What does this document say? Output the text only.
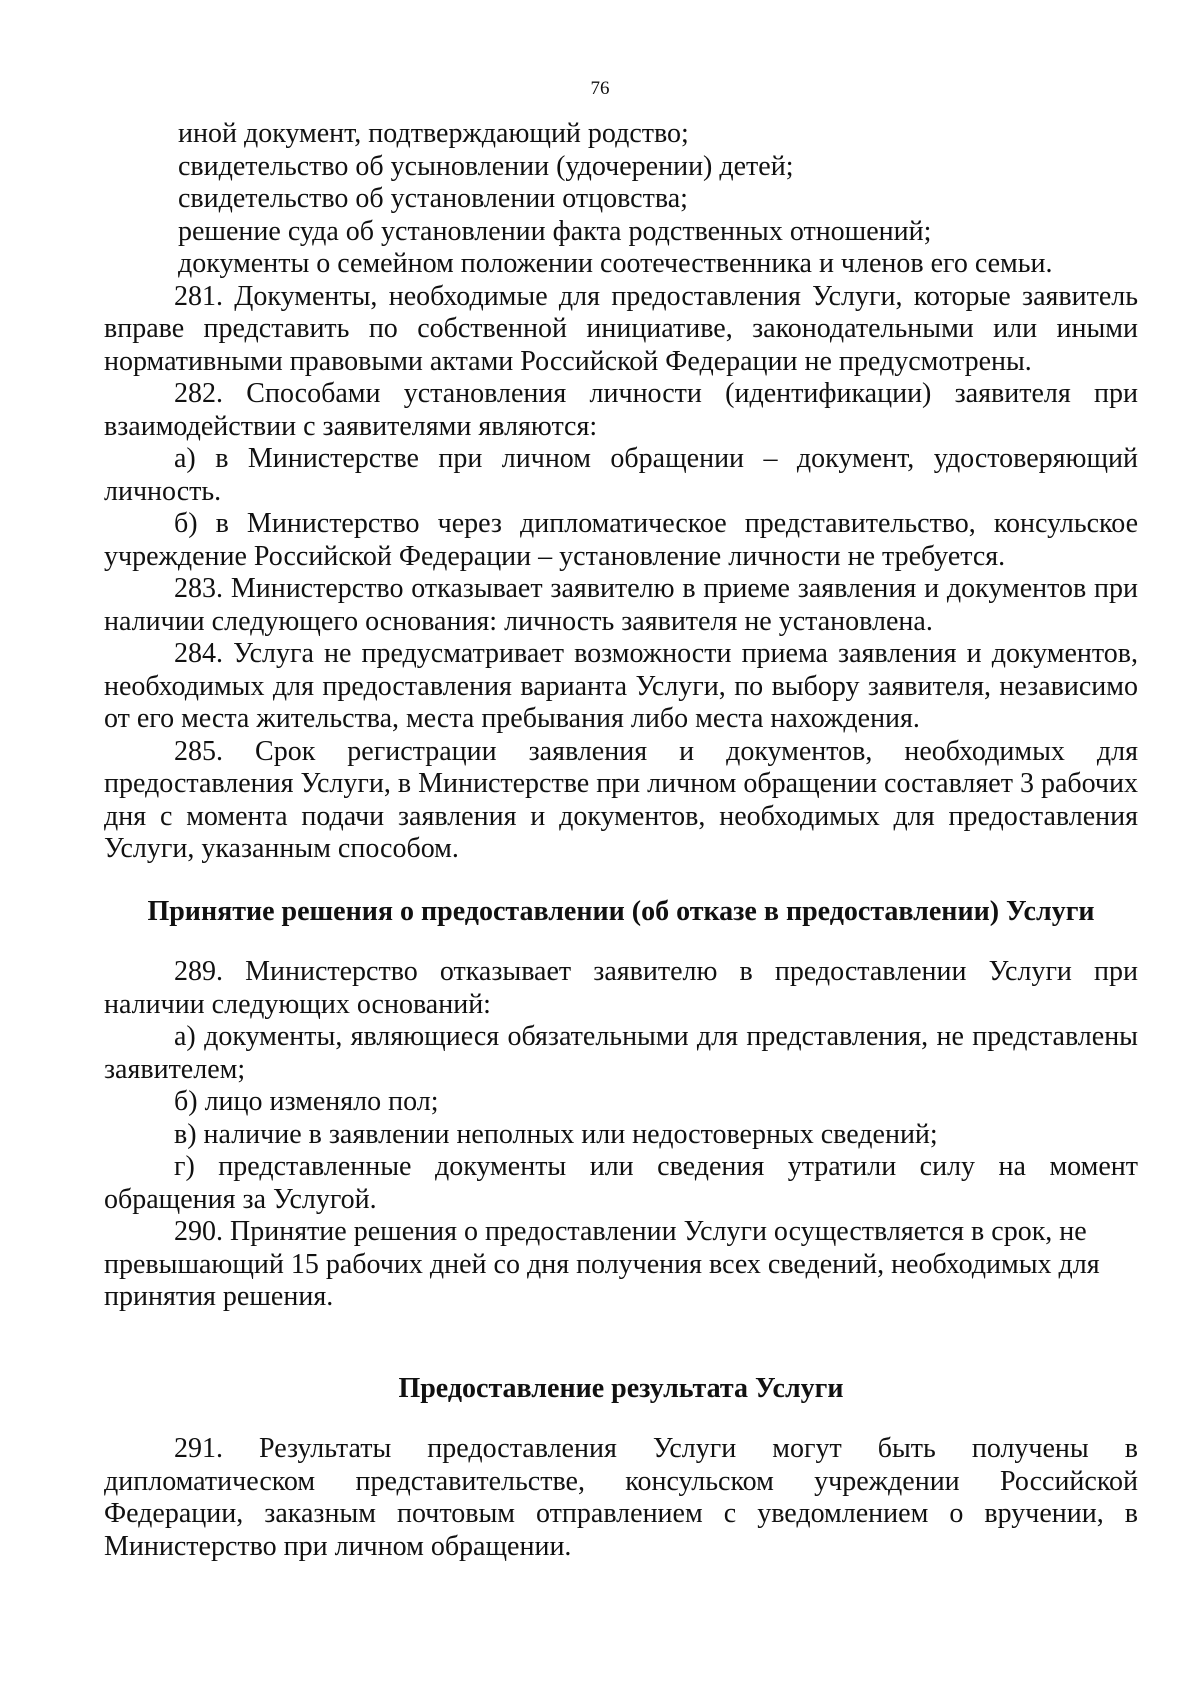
76

иной документ, подтверждающий родство;

свидетельство об усыновлении (удочерении) детей;

свидетельство об установлении отцовства;

решение суда об установлении факта родственных отношений;

документы о семейном положении соотечественника и членов его семьи.

281. Документы, необходимые для предоставления Услуги, которые заявитель вправе представить по собственной инициативе, законодательными или иными нормативными правовыми актами Российской Федерации не предусмотрены.

282. Способами установления личности (идентификации) заявителя при взаимодействии с заявителями являются:

а) в Министерстве при личном обращении – документ, удостоверяющий личность.

б) в Министерство через дипломатическое представительство, консульское учреждение Российской Федерации – установление личности не требуется.

283. Министерство отказывает заявителю в приеме заявления и документов при наличии следующего основания: личность заявителя не установлена.

284. Услуга не предусматривает возможности приема заявления и документов, необходимых для предоставления варианта Услуги, по выбору заявителя, независимо от его места жительства, места пребывания либо места нахождения.

285. Срок регистрации заявления и документов, необходимых для предоставления Услуги, в Министерстве при личном обращении составляет 3 рабочих дня с момента подачи заявления и документов, необходимых для предоставления Услуги, указанным способом.

Принятие решения о предоставлении (об отказе в предоставлении) Услуги

289. Министерство отказывает заявителю в предоставлении Услуги при наличии следующих оснований:

а) документы, являющиеся обязательными для представления, не представлены заявителем;

б) лицо изменяло пол;

в) наличие в заявлении неполных или недостоверных сведений;

г) представленные документы или сведения утратили силу на момент обращения за Услугой.

290. Принятие решения о предоставлении Услуги осуществляется в срок, не превышающий 15 рабочих дней со дня получения всех сведений, необходимых для принятия решения.

Предоставление результата Услуги

291. Результаты предоставления Услуги могут быть получены в дипломатическом представительстве, консульском учреждении Российской Федерации, заказным почтовым отправлением с уведомлением о вручении, в Министерство при личном обращении.
